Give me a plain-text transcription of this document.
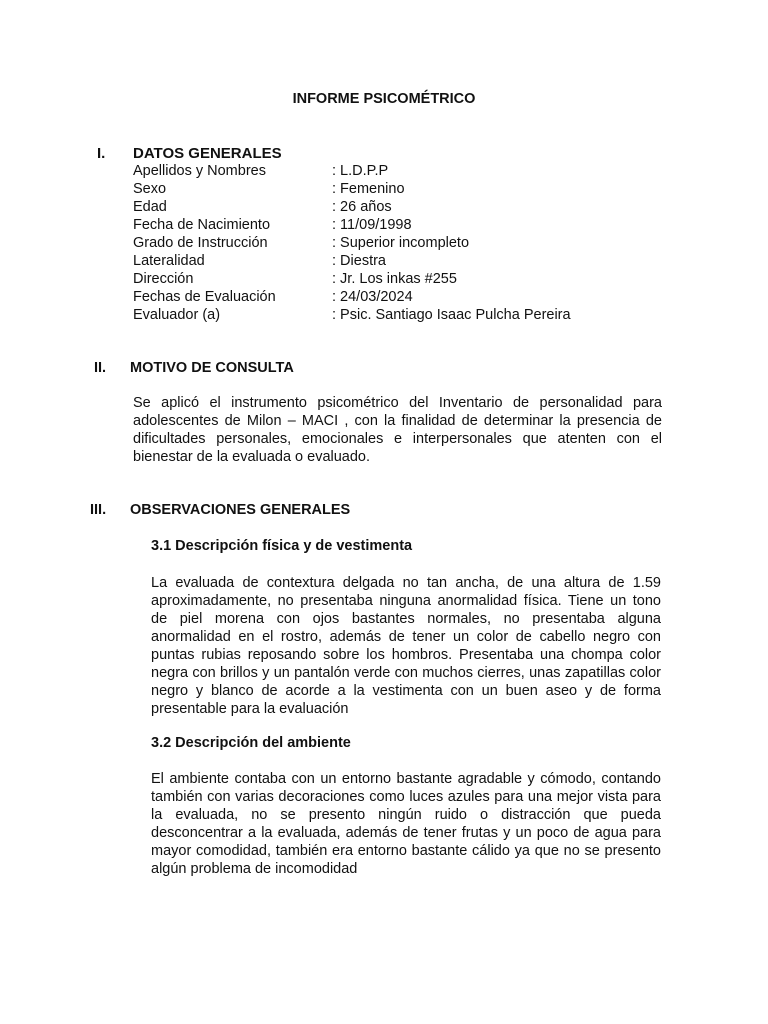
INFORME PSICOMÉTRICO
I. DATOS GENERALES
Apellidos y Nombres	: L.D.P.P
Sexo	: Femenino
Edad	: 26 años
Fecha de Nacimiento	: 11/09/1998
Grado de Instrucción	: Superior incompleto
Lateralidad	: Diestra
Dirección	: Jr. Los inkas #255
Fechas de Evaluación	: 24/03/2024
Evaluador (a)	: Psic. Santiago Isaac Pulcha Pereira
II. MOTIVO DE CONSULTA
Se aplicó el instrumento psicométrico del Inventario de personalidad para adolescentes de Milon – MACI , con la finalidad de determinar la presencia de dificultades personales, emocionales e interpersonales que atenten con el bienestar de la evaluada o evaluado.
III. OBSERVACIONES GENERALES
3.1 Descripción física y de vestimenta
La evaluada de contextura delgada no tan ancha, de una altura de 1.59 aproximadamente, no presentaba ninguna anormalidad física. Tiene un tono de piel morena con ojos bastantes normales, no presentaba alguna anormalidad en el rostro, además de tener un color de cabello negro con puntas rubias reposando sobre los hombros. Presentaba una chompa color negra con brillos y un pantalón verde con muchos cierres, unas zapatillas color negro y blanco de acorde a la vestimenta con un buen aseo y de forma presentable para la evaluación
3.2 Descripción del ambiente
El ambiente contaba con un entorno bastante agradable y cómodo, contando también con varias decoraciones como luces azules para una mejor vista para la evaluada, no se presento ningún ruido o distracción que pueda desconcentrar a la evaluada, además de tener frutas y un poco de agua para mayor comodidad, también era entorno bastante cálido ya que no se presento algún problema de incomodidad
